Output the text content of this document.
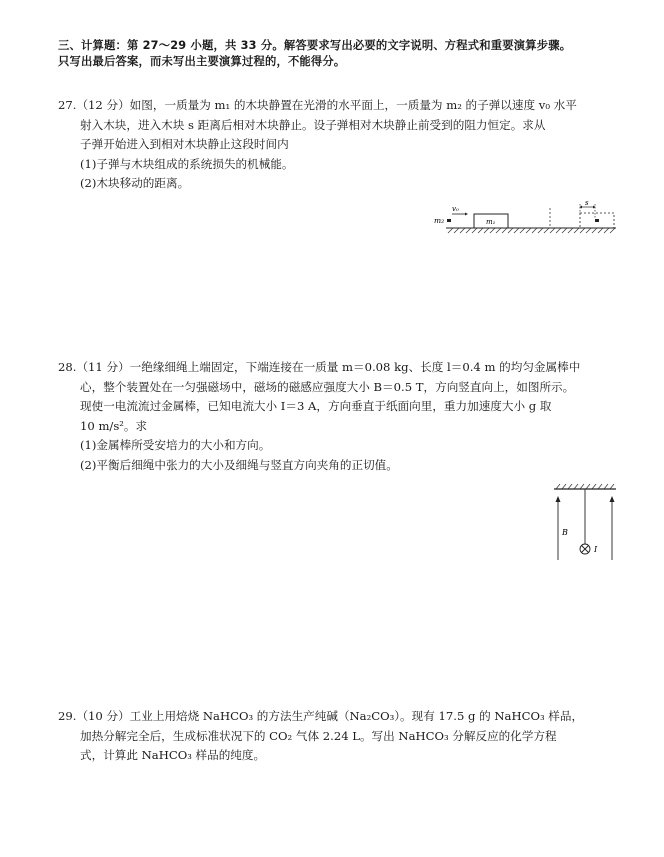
三、计算题：第 27～29 小题，共 33 分。解答要求写出必要的文字说明、方程式和重要演算步骤。
只写出最后答案，而未写出主要演算过程的，不能得分。

27.（12 分）如图，一质量为 m₁ 的木块静置在光滑的水平面上，一质量为 m₂ 的子弹以速度 v₀ 水平

射入木块，进入木块 s 距离后相对木块静止。设子弹相对木块静止前受到的阻力恒定。求从

子弹开始进入到相对木块静止这段时间内

(1)子弹与木块组成的系统损失的机械能。

(2)木块移动的距离。

m₂
v₀
m₁
s

28.（11 分）一绝缘细绳上端固定，下端连接在一质量 m＝0.08 kg、长度 l＝0.4 m 的均匀金属棒中

心，整个装置处在一匀强磁场中，磁场的磁感应强度大小 B＝0.5 T，方向竖直向上，如图所示。

现使一电流流过金属棒，已知电流大小 I＝3 A，方向垂直于纸面向里，重力加速度大小 g 取

10 m/s²。求

(1)金属棒所受安培力的大小和方向。

(2)平衡后细绳中张力的大小及细绳与竖直方向夹角的正切值。

B
I

29.（10 分）工业上用焙烧 NaHCO₃ 的方法生产纯碱（Na₂CO₃）。现有 17.5 g 的 NaHCO₃ 样品，

加热分解完全后，生成标准状况下的 CO₂ 气体 2.24 L。写出 NaHCO₃ 分解反应的化学方程

式，计算此 NaHCO₃ 样品的纯度。
